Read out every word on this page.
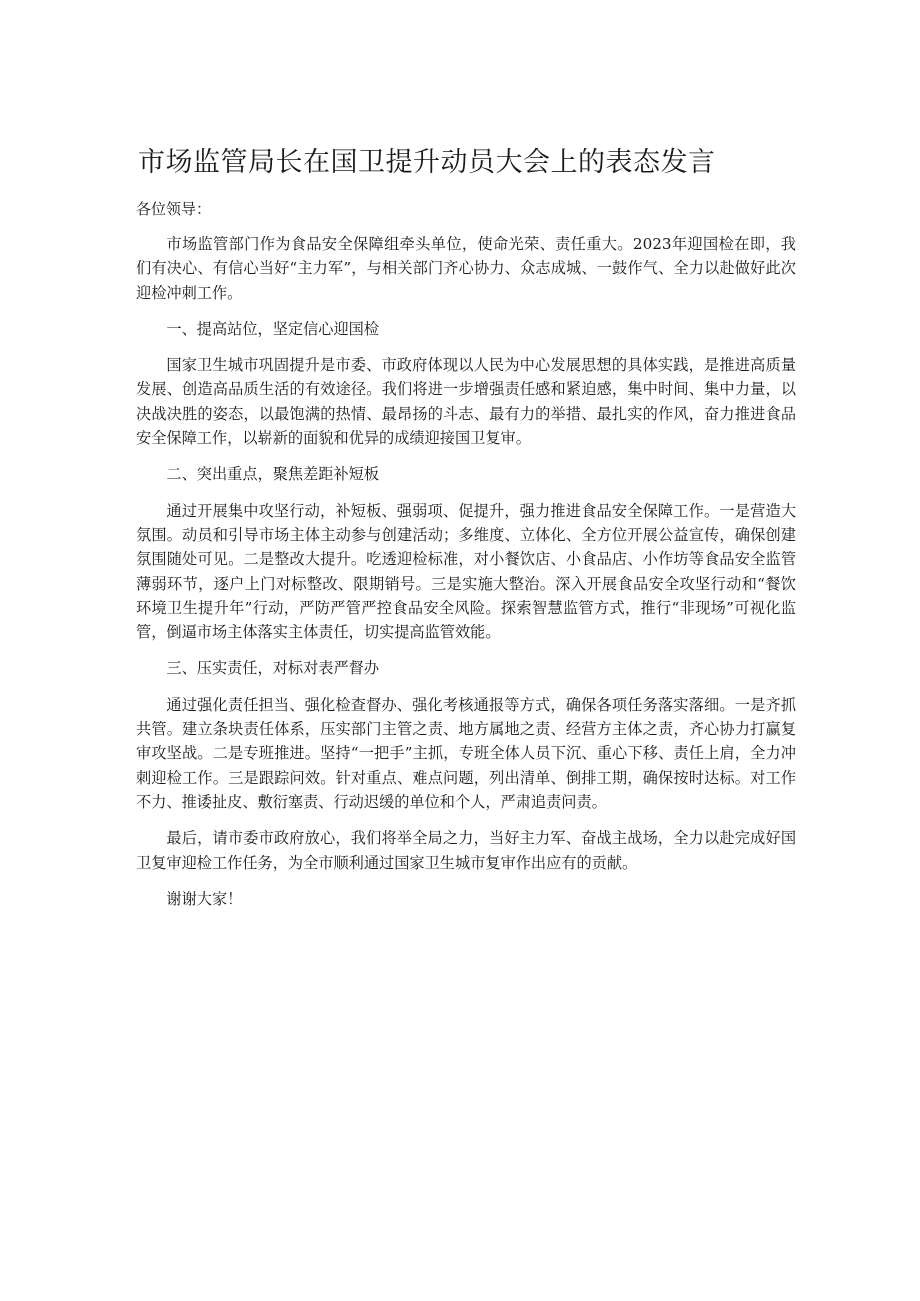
市场监管局长在国卫提升动员大会上的表态发言

各位领导：

市场监管部门作为食品安全保障组牵头单位，使命光荣、责任重大。2023年迎国检在即，我们有决心、有信心当好“主力军”，与相关部门齐心协力、众志成城、一鼓作气、全力以赴做好此次迎检冲刺工作。

一、提高站位，坚定信心迎国检

国家卫生城市巩固提升是市委、市政府体现以人民为中心发展思想的具体实践，是推进高质量发展、创造高品质生活的有效途径。我们将进一步增强责任感和紧迫感，集中时间、集中力量，以决战决胜的姿态，以最饱满的热情、最昂扬的斗志、最有力的举措、最扎实的作风，奋力推进食品安全保障工作，以崭新的面貌和优异的成绩迎接国卫复审。

二、突出重点，聚焦差距补短板

通过开展集中攻坚行动，补短板、强弱项、促提升，强力推进食品安全保障工作。一是营造大氛围。动员和引导市场主体主动参与创建活动；多维度、立体化、全方位开展公益宣传，确保创建氛围随处可见。二是整改大提升。吃透迎检标准，对小餐饮店、小食品店、小作坊等食品安全监管薄弱环节，逐户上门对标整改、限期销号。三是实施大整治。深入开展食品安全攻坚行动和“餐饮环境卫生提升年”行动，严防严管严控食品安全风险。探索智慧监管方式，推行“非现场”可视化监管，倒逼市场主体落实主体责任，切实提高监管效能。

三、压实责任，对标对表严督办

通过强化责任担当、强化检查督办、强化考核通报等方式，确保各项任务落实落细。一是齐抓共管。建立条块责任体系，压实部门主管之责、地方属地之责、经营方主体之责，齐心协力打赢复审攻坚战。二是专班推进。坚持“一把手”主抓，专班全体人员下沉、重心下移、责任上肩，全力冲刺迎检工作。三是跟踪问效。针对重点、难点问题，列出清单、倒排工期，确保按时达标。对工作不力、推诿扯皮、敷衍塞责、行动迟缓的单位和个人，严肃追责问责。

最后，请市委市政府放心，我们将举全局之力，当好主力军、奋战主战场，全力以赴完成好国卫复审迎检工作任务，为全市顺利通过国家卫生城市复审作出应有的贡献。

谢谢大家！
